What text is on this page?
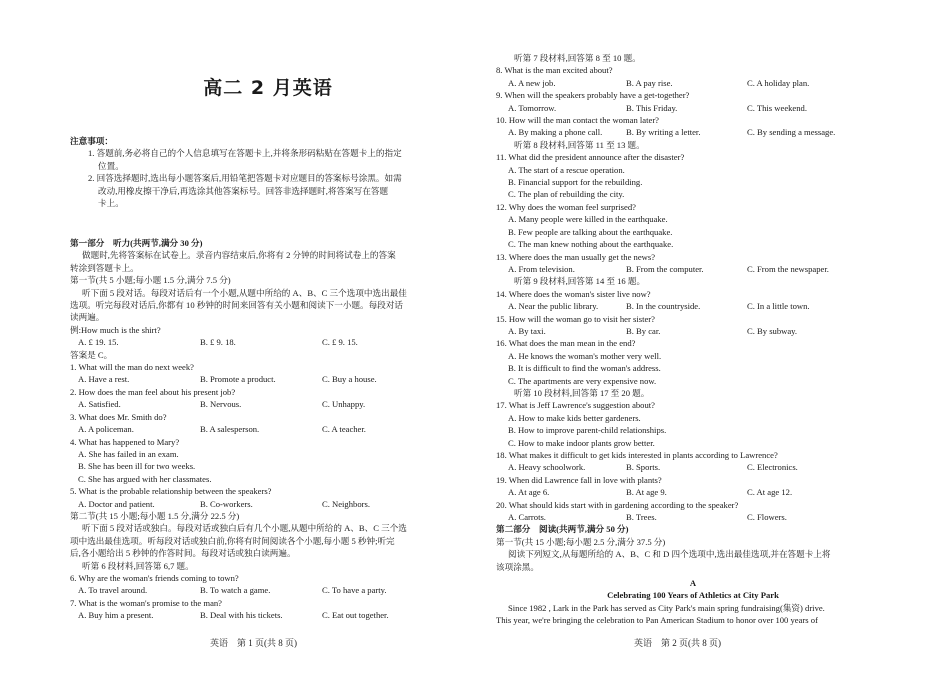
高二 2 月英语
注意事项：
1. 答题前,务必将自己的个人信息填写在答题卡上,并将条形码粘贴在答题卡上的指定
位置。
2. 回答选择题时,选出每小题答案后,用铅笔把答题卡对应题目的答案标号涂黑。如需
改动,用橡皮擦干净后,再选涂其他答案标号。回答非选择题时,将答案写在答题
卡上。
第一部分　听力(共两节,满分 30 分)
做题时,先将答案标在试卷上。录音内容结束后,你将有 2 分钟的时间将试卷上的答案
转涂到答题卡上。
第一节(共 5 小题;每小题 1.5 分,满分 7.5 分)
听下面 5 段对话。每段对话后有一个小题,从题中所给的 A、B、C 三个选项中选出最佳
选项。听完每段对话后,你都有 10 秒钟的时间来回答有关小题和阅读下一小题。每段对话
读两遍。
例:How much is the shirt?
A. £ 19. 15.	B. £ 9. 18.	C. £ 9. 15.
答案是 C。
1. What will the man do next week?
A. Have a rest.	B. Promote a product.	C. Buy a house.
2. How does the man feel about his present job?
A. Satisfied.	B. Nervous.	C. Unhappy.
3. What does Mr. Smith do?
A. A policeman.	B. A salesperson.	C. A teacher.
4. What has happened to Mary?
A. She has failed in an exam.
B. She has been ill for two weeks.
C. She has argued with her classmates.
5. What is the probable relationship between the speakers?
A. Doctor and patient.	B. Co-workers.	C. Neighbors.
第二节(共 15 小题;每小题 1.5 分,满分 22.5 分)
听下面 5 段对话或独白。每段对话或独白后有几个小题,从题中所给的 A、B、C 三个选
项中选出最佳选项。听每段对话或独白前,你将有时间阅读各个小题,每小题 5 秒钟;听完
后,各小题给出 5 秒钟的作答时间。每段对话或独白读两遍。
听第 6 段材料,回答第 6,7 题。
6. Why are the woman's friends coming to town?
A. To travel around.	B. To watch a game.	C. To have a party.
7. What is the woman's promise to the man?
A. Buy him a present.	B. Deal with his tickets.	C. Eat out together.
英语　第 1 页(共 8 页)
听第 7 段材料,回答第 8 至 10 题。
8. What is the man excited about?
A. A new job.	B. A pay rise.	C. A holiday plan.
9. When will the speakers probably have a get-together?
A. Tomorrow.	B. This Friday.	C. This weekend.
10. How will the man contact the woman later?
A. By making a phone call.	B. By writing a letter.	C. By sending a message.
听第 8 段材料,回答第 11 至 13 题。
11. What did the president announce after the disaster?
A. The start of a rescue operation.
B. Financial support for the rebuilding.
C. The plan of rebuilding the city.
12. Why does the woman feel surprised?
A. Many people were killed in the earthquake.
B. Few people are talking about the earthquake.
C. The man knew nothing about the earthquake.
13. Where does the man usually get the news?
A. From television.	B. From the computer.	C. From the newspaper.
听第 9 段材料,回答第 14 至 16 题。
14. Where does the woman's sister live now?
A. Near the public library.	B. In the countryside.	C. In a little town.
15. How will the woman go to visit her sister?
A. By taxi.	B. By car.	C. By subway.
16. What does the man mean in the end?
A. He knows the woman's mother very well.
B. It is difficult to find the woman's address.
C. The apartments are very expensive now.
听第 10 段材料,回答第 17 至 20 题。
17. What is Jeff Lawrence's suggestion about?
A. How to make kids better gardeners.
B. How to improve parent-child relationships.
C. How to make indoor plants grow better.
18. What makes it difficult to get kids interested in plants according to Lawrence?
A. Heavy schoolwork.	B. Sports.	C. Electronics.
19. When did Lawrence fall in love with plants?
A. At age 6.	B. At age 9.	C. At age 12.
20. What should kids start with in gardening according to the speaker?
A. Carrots.	B. Trees.	C. Flowers.
第二部分　阅读(共两节,满分 50 分)
第一节(共 15 小题;每小题 2.5 分,满分 37.5 分)
阅读下列短文,从每题所给的 A、B、C 和 D 四个选项中,选出最佳选项,并在答题卡上将
该项涂黑。
A
Celebrating 100 Years of Athletics at City Park
Since 1982 , Lark in the Park has served as City Park's main spring fundraising(集资) drive.
This year, we're bringing the celebration to Pan American Stadium to honor over 100 years of
英语　第 2 页(共 8 页)
